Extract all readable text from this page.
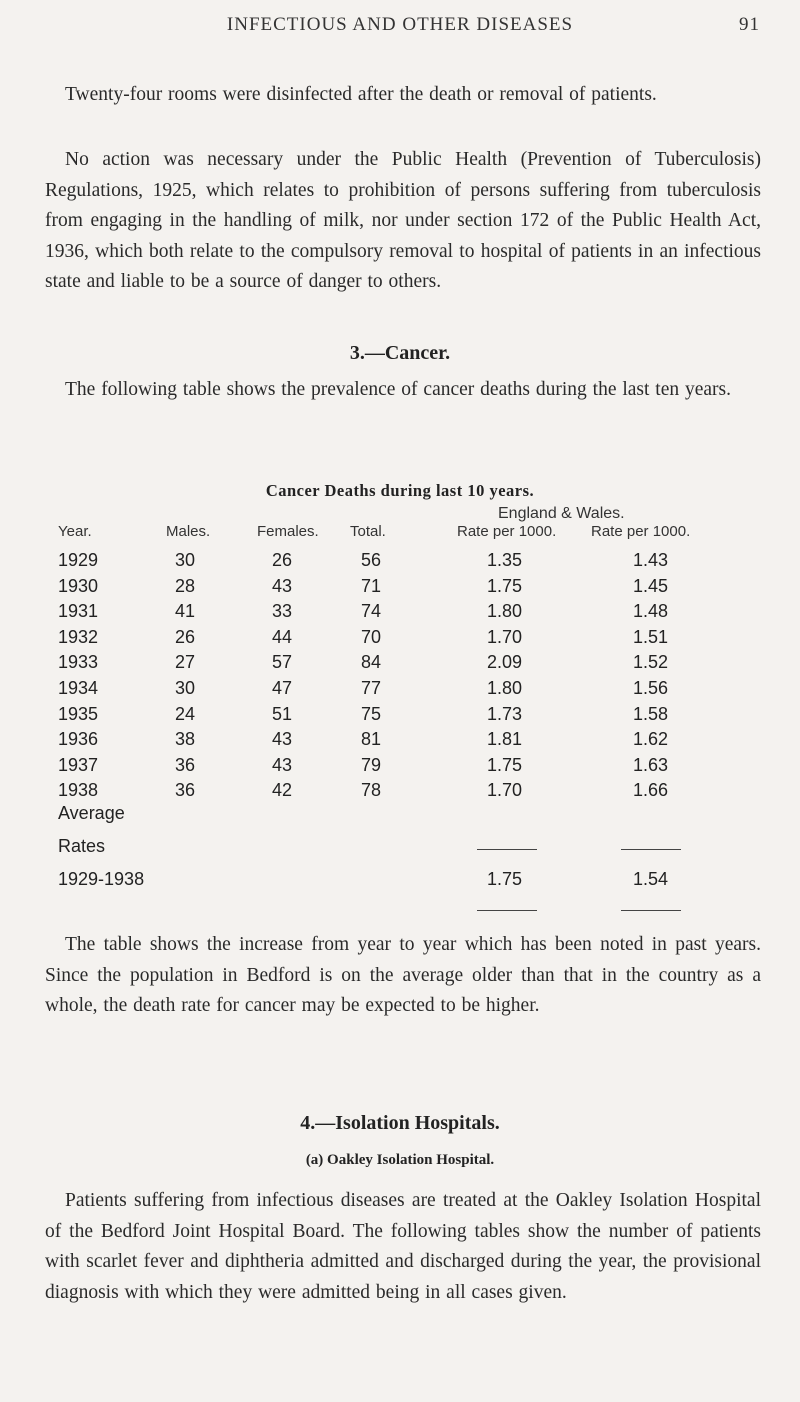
INFECTIOUS AND OTHER DISEASES	91
Twenty-four rooms were disinfected after the death or removal of patients.
No action was necessary under the Public Health (Prevention of Tuberculosis) Regulations, 1925, which relates to prohibition of persons suffering from tuberculosis from engaging in the handling of milk, nor under section 172 of the Public Health Act, 1936, which both relate to the compulsory removal to hospital of patients in an infectious state and liable to be a source of danger to others.
3.—Cancer.
The following table shows the prevalence of cancer deaths during the last ten years.
Cancer Deaths during last 10 years.
England & Wales.
Year.	Males.	Females. Total.	Rate per 1000. Rate per 1000.
1929	30	26	56	1.35	1.43
1930	28	43	71	1.75	1.45
1931	41	33	74	1.80	1.48
1932	26	44	70	1.70	1.51
1933	27	57	84	2.09	1.52
1934	30	47	77	1.80	1.56
1935	24	51	75	1.73	1.58
1936	38	43	81	1.81	1.62
1937	36	43	79	1.75	1.63
1938	36	42	78	1.70	1.66
Average
Rates
1929-1938	1.75	1.54
The table shows the increase from year to year which has been noted in past years. Since the population in Bedford is on the average older than that in the country as a whole, the death rate for cancer may be expected to be higher.
4.—Isolation Hospitals.
(a) Oakley Isolation Hospital.
Patients suffering from infectious diseases are treated at the Oakley Isolation Hospital of the Bedford Joint Hospital Board. The following tables show the number of patients with scarlet fever and diphtheria admitted and discharged during the year, the provisional diagnosis with which they were admitted being in all cases given.
